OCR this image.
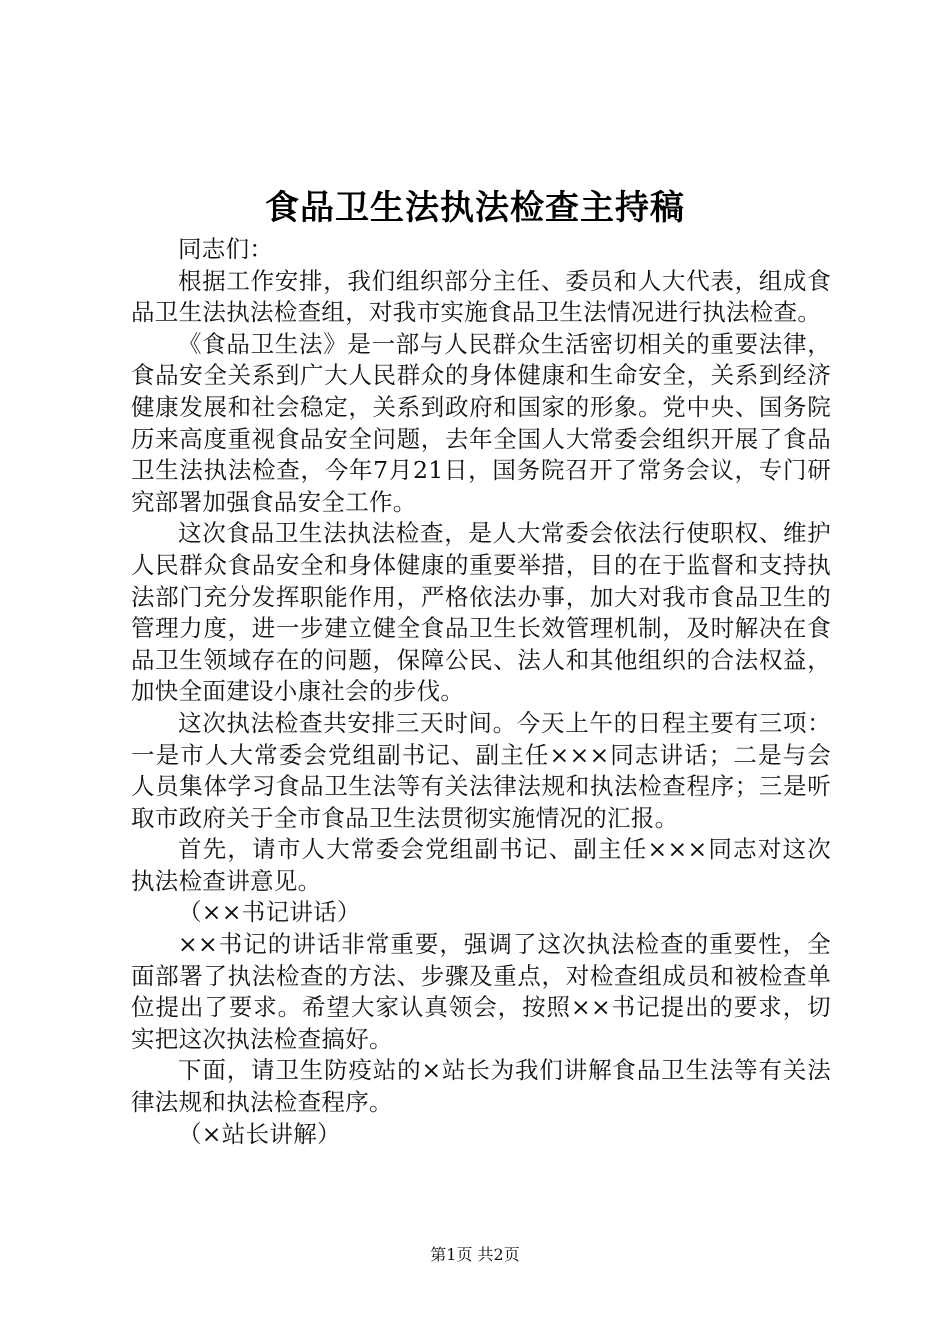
食品卫生法执法检查主持稿

同志们：

根据工作安排，我们组织部分主任、委员和人大代表，组成食品卫生法执法检查组，对我市实施食品卫生法情况进行执法检查。

《食品卫生法》是一部与人民群众生活密切相关的重要法律，食品安全关系到广大人民群众的身体健康和生命安全，关系到经济健康发展和社会稳定，关系到政府和国家的形象。党中央、国务院历来高度重视食品安全问题，去年全国人大常委会组织开展了食品卫生法执法检查，今年7月21日，国务院召开了常务会议，专门研究部署加强食品安全工作。

这次食品卫生法执法检查，是人大常委会依法行使职权、维护人民群众食品安全和身体健康的重要举措，目的在于监督和支持执法部门充分发挥职能作用，严格依法办事，加大对我市食品卫生的管理力度，进一步建立健全食品卫生长效管理机制，及时解决在食品卫生领域存在的问题，保障公民、法人和其他组织的合法权益，加快全面建设小康社会的步伐。

这次执法检查共安排三天时间。今天上午的日程主要有三项：一是市人大常委会党组副书记、副主任×××同志讲话；二是与会人员集体学习食品卫生法等有关法律法规和执法检查程序；三是听取市政府关于全市食品卫生法贯彻实施情况的汇报。

首先，请市人大常委会党组副书记、副主任×××同志对这次执法检查讲意见。

（××书记讲话）

××书记的讲话非常重要，强调了这次执法检查的重要性，全面部署了执法检查的方法、步骤及重点，对检查组成员和被检查单位提出了要求。希望大家认真领会，按照××书记提出的要求，切实把这次执法检查搞好。

下面，请卫生防疫站的×站长为我们讲解食品卫生法等有关法律法规和执法检查程序。

（×站长讲解）

第1页 共2页
